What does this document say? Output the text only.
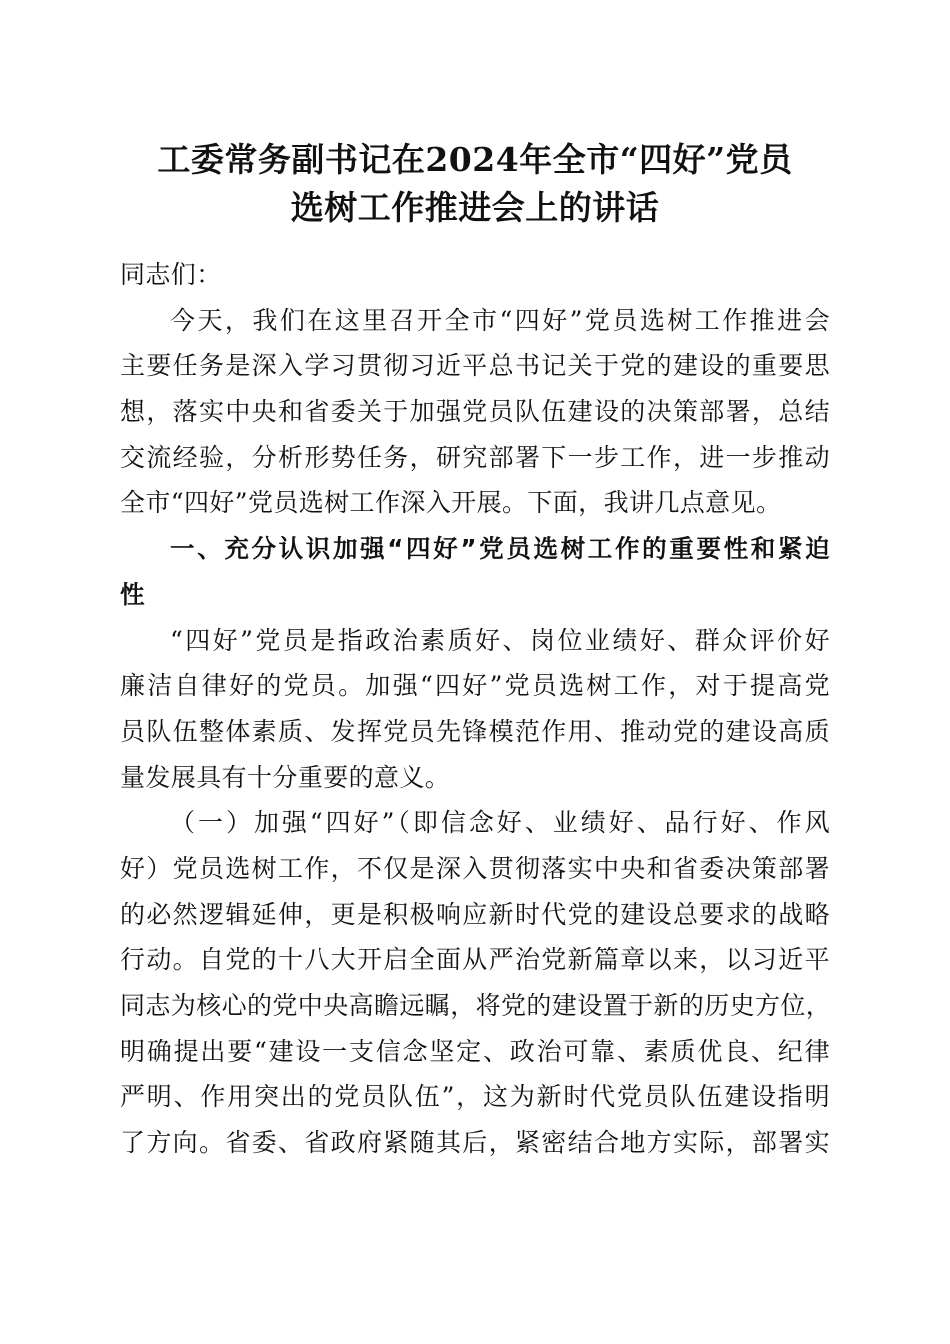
工委常务副书记在2024年全市“四好”党员
选树工作推进会上的讲话
同志们：
今天，我们在这里召开全市“四好”党员选树工作推进会
主要任务是深入学习贯彻习近平总书记关于党的建设的重要思
想，落实中央和省委关于加强党员队伍建设的决策部署，总结
交流经验，分析形势任务，研究部署下一步工作，进一步推动
全市“四好”党员选树工作深入开展。下面，我讲几点意见。
一、充分认识加强“四好”党员选树工作的重要性和紧迫
性
“四好”党员是指政治素质好、岗位业绩好、群众评价好
廉洁自律好的党员。加强“四好”党员选树工作，对于提高党
员队伍整体素质、发挥党员先锋模范作用、推动党的建设高质
量发展具有十分重要的意义。
（一）加强“四好”（即信念好、业绩好、品行好、作风
好）党员选树工作，不仅是深入贯彻落实中央和省委决策部署
的必然逻辑延伸，更是积极响应新时代党的建设总要求的战略
行动。自党的十八大开启全面从严治党新篇章以来，以习近平
同志为核心的党中央高瞻远瞩，将党的建设置于新的历史方位，
明确提出要“建设一支信念坚定、政治可靠、素质优良、纪律
严明、作用突出的党员队伍”，这为新时代党员队伍建设指明
了方向。省委、省政府紧随其后，紧密结合地方实际，部署实
